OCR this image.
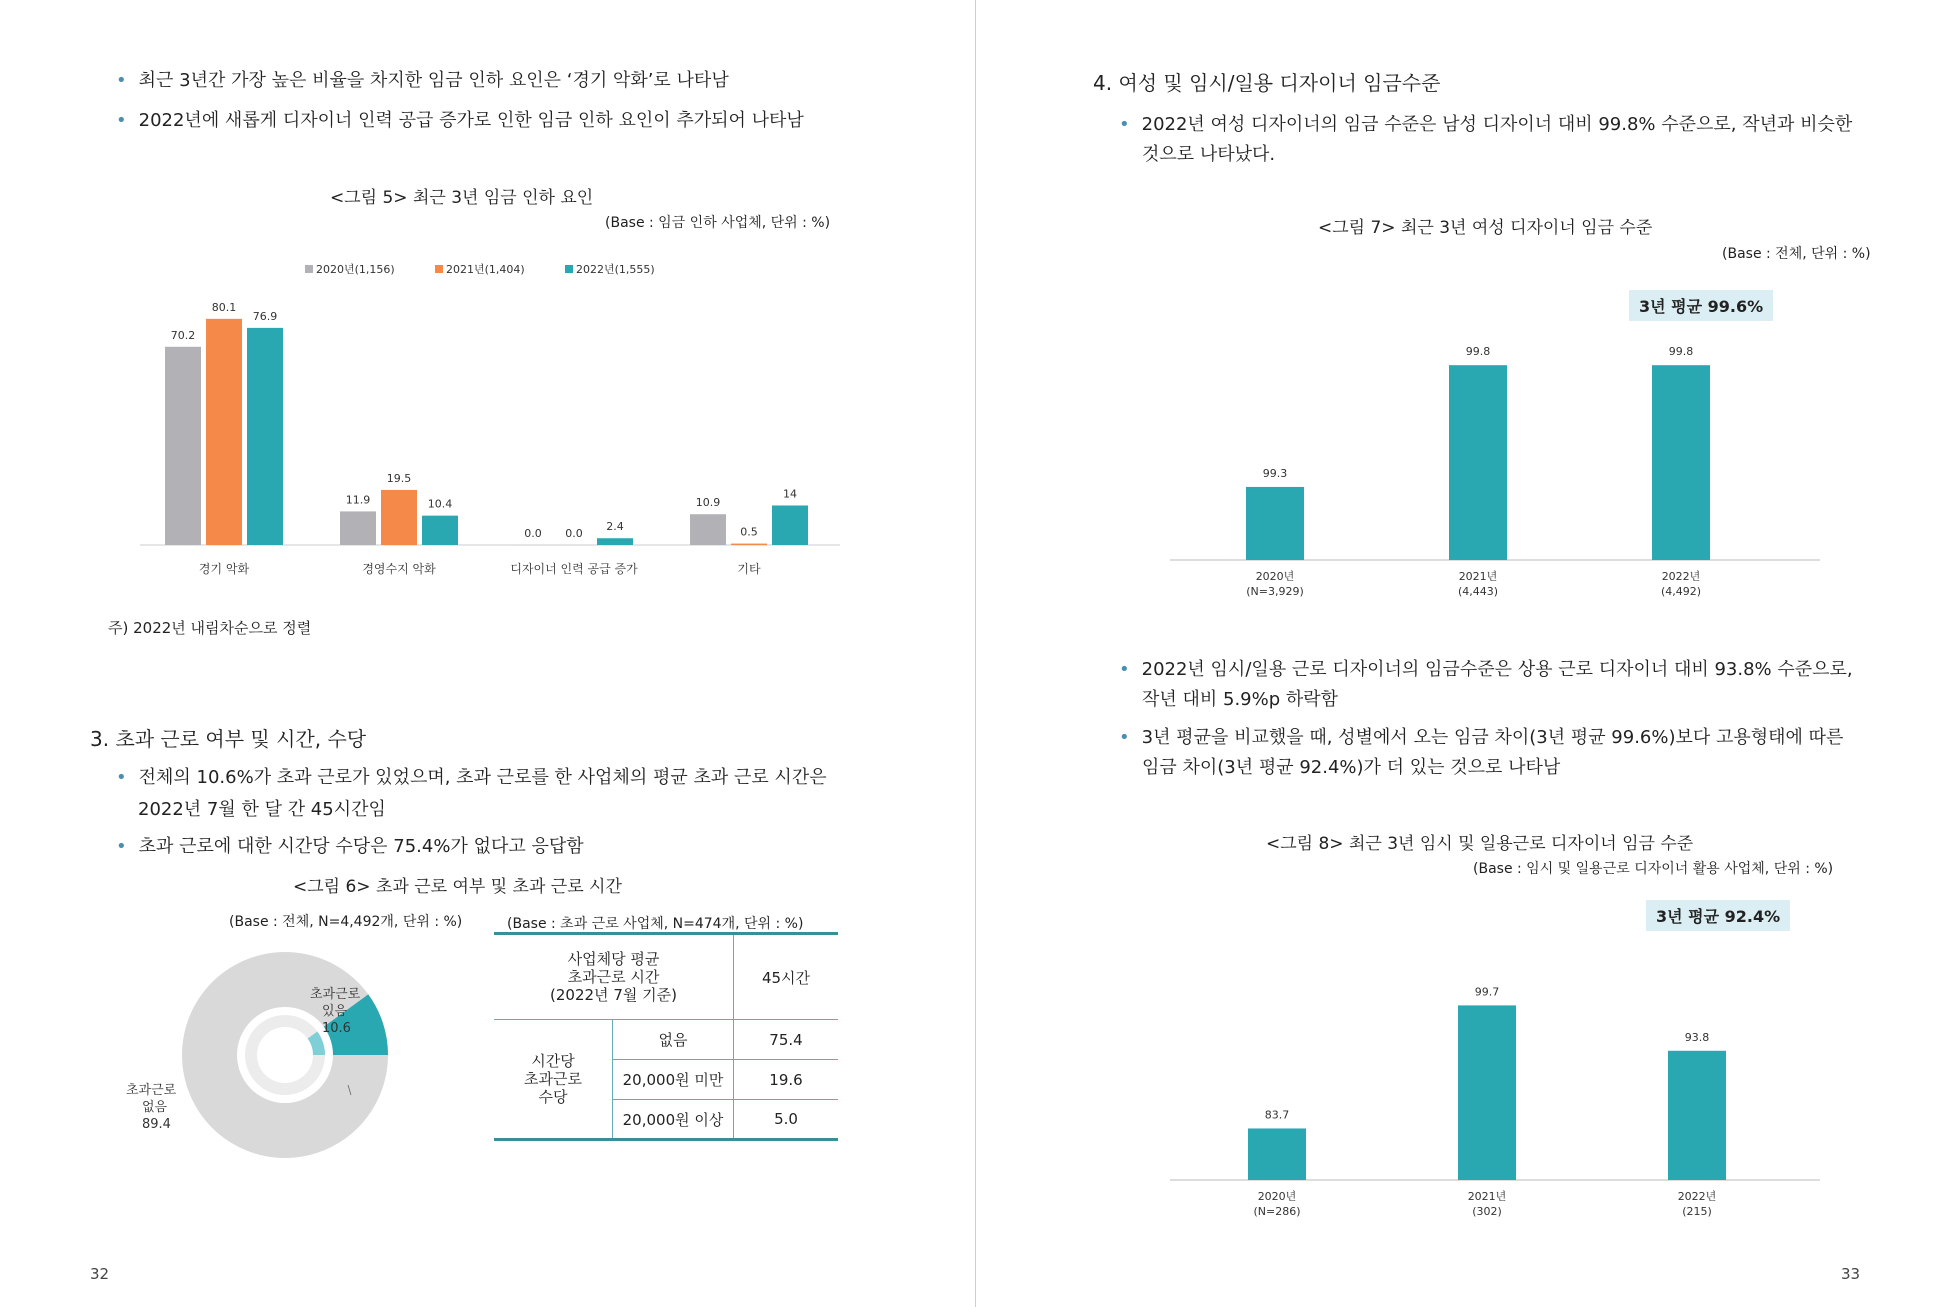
• 최근 3년간 가장 높은 비율을 차지한 임금 인하 요인은 ‘경기 악화’로 나타남
• 2022년에 새롭게 디자이너 인력 공급 증가로 인한 임금 인하 요인이 추가되어 나타남
<그림 5> 최근 3년 임금 인하 요인
(Base : 임금 인하 사업체, 단위 : %)
2020년(1,156)	2021년(1,404)	2022년(1,555)
70.2
80.1
76.9
경기 악화
11.9
19.5
10.4
경영수지 악화
0.0 0.0
2.4
디자이너 인력 공급 증가
10.9
0.5
14
기타
주) 2022년 내림차순으로 정렬
3. 초과 근로 여부 및 시간, 수당
• 전체의 10.6%가 초과 근로가 있었으며, 초과 근로를 한 사업체의 평균 초과 근로 시간은
2022년 7월 한 달 간 45시간임
• 초과 근로에 대한 시간당 수당은 75.4%가 없다고 응답함
<그림 6> 초과 근로 여부 및 초과 근로 시간
(Base : 전체, N=4,492개, 단위 : %)	(Base : 초과 근로 사업체, N=474개, 단위 : %)
초과근로
있음
10.6
초과근로
없음
89.4
사업체당 평균
초과근로 시간
(2022년 7월 기준)		45시간

시간당
초과근로
수당	없음	75.4
	20,000원 미만	19.6
	20,000원 이상	5.0
32
4. 여성 및 임시/일용 디자이너 임금수준
• 2022년 여성 디자이너의 임금 수준은 남성 디자이너 대비 99.8% 수준으로, 작년과 비슷한
것으로 나타났다.
<그림 7> 최근 3년 여성 디자이너 임금 수준
(Base : 전체, 단위 : %)
3년 평균 99.6%
99.3
2020년
(N=3,929)
99.8
2021년
(4,443)
99.8
2022년
(4,492)
• 2022년 임시/일용 근로 디자이너의 임금수준은 상용 근로 디자이너 대비 93.8% 수준으로,
작년 대비 5.9%p 하락함
• 3년 평균을 비교했을 때, 성별에서 오는 임금 차이(3년 평균 99.6%)보다 고용형태에 따른
임금 차이(3년 평균 92.4%)가 더 있는 것으로 나타남
<그림 8> 최근 3년 임시 및 일용근로 디자이너 임금 수준
(Base : 임시 및 일용근로 디자이너 활용 사업체, 단위 : %)
3년 평균 92.4%
83.7
2020년
(N=286)
99.7
2021년
(302)
93.8
2022년
(215)
33
